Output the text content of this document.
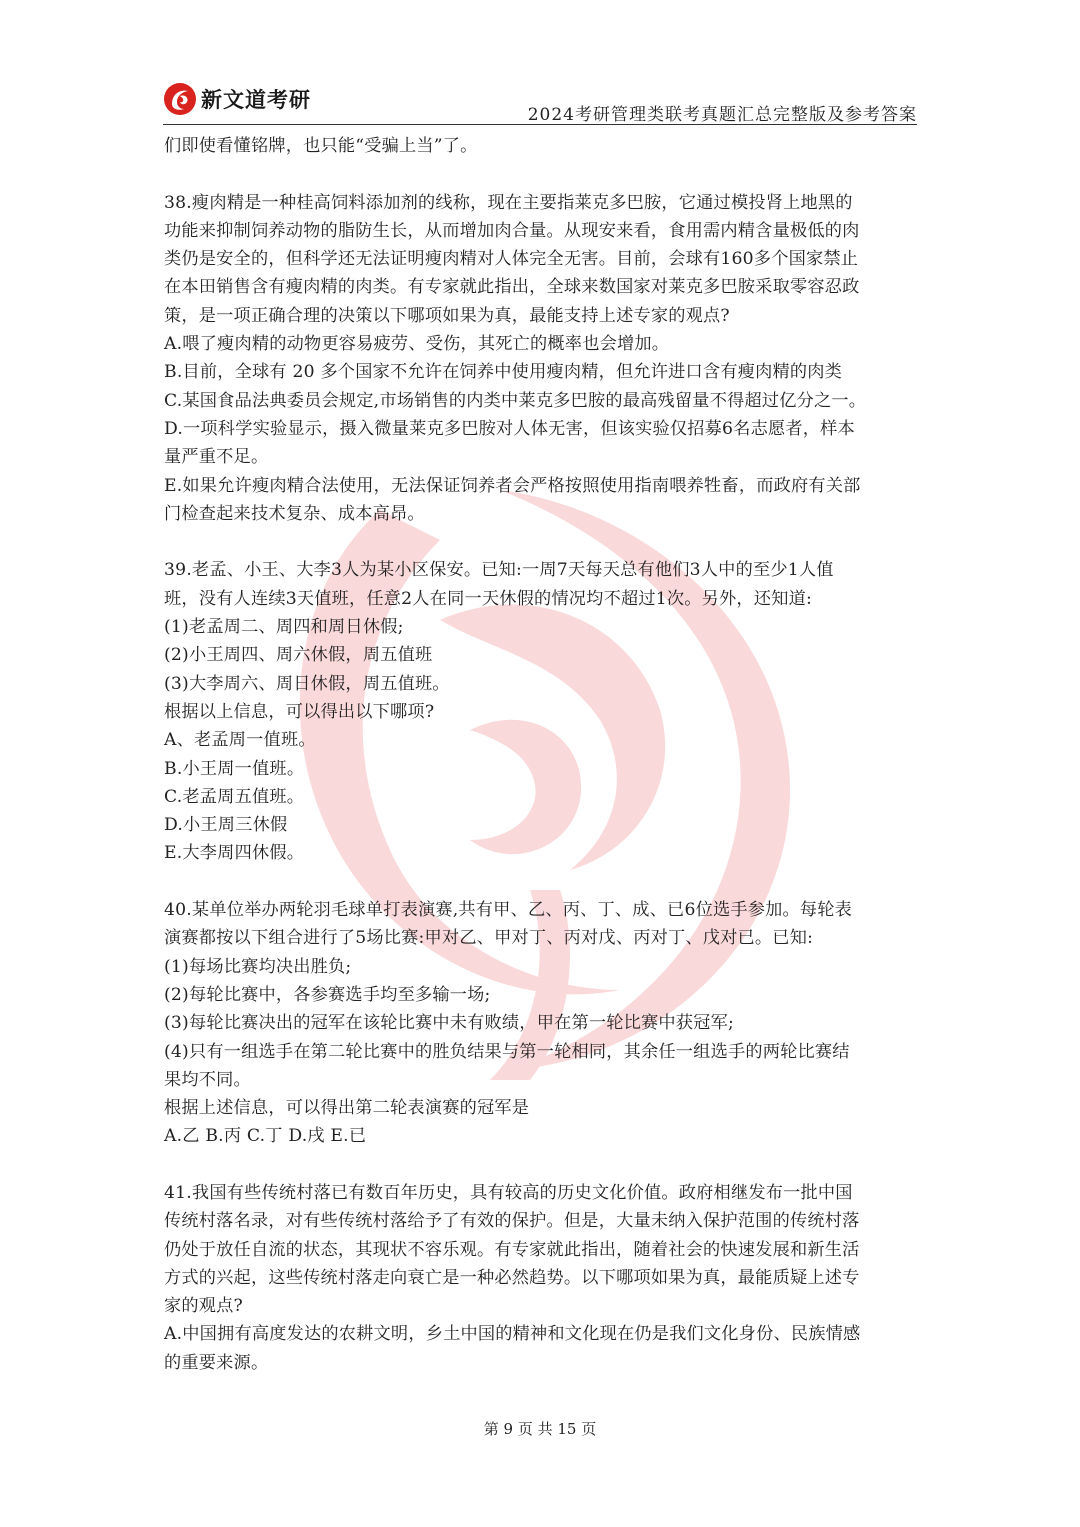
新文道考研
2024考研管理类联考真题汇总完整版及参考答案

们即使看懂铭牌，也只能“受骗上当”了。

38.瘦肉精是一种桂高饲料添加剂的线称，现在主要指莱克多巴胺，它通过模投肾上地黑的

功能来抑制饲养动物的脂防生长，从而增加肉合量。从现安来看，食用需内精含量极低的肉

类仍是安全的，但科学还无法证明瘦肉精对人体完全无害。目前，会球有160多个国家禁止

在本田销售含有瘦肉精的肉类。有专家就此指出，全球来数国家对莱克多巴胺采取零容忍政

策，是一项正确合理的决策以下哪项如果为真，最能支持上述专家的观点?

A.喂了瘦肉精的动物更容易疲劳、受伤，其死亡的概率也会增加。

B.目前，全球有 20 多个国家不允许在饲养中使用瘦肉精，但允许进口含有瘦肉精的肉类

C.某国食品法典委员会规定,市场销售的内类中莱克多巴胺的最高残留量不得超过亿分之一。

D.一项科学实验显示，摄入微量莱克多巴胺对人体无害，但该实验仅招募6名志愿者，样本

量严重不足。

E.如果允许瘦肉精合法使用，无法保证饲养者会严格按照使用指南喂养牲畜，而政府有关部

门检查起来技术复杂、成本高昂。

39.老孟、小王、大李3人为某小区保安。已知:一周7天每天总有他们3人中的至少1人值

班，没有人连续3天值班，任意2人在同一天休假的情况均不超过1次。另外，还知道:

(1)老孟周二、周四和周日休假;

(2)小王周四、周六休假，周五值班

(3)大李周六、周日休假，周五值班。

根据以上信息，可以得出以下哪项?

A、老孟周一值班。

B.小王周一值班。

C.老孟周五值班。

D.小王周三休假

E.大李周四休假。

40.某单位举办两轮羽毛球单打表演赛,共有甲、乙、丙、丁、成、已6位选手参加。每轮表

演赛都按以下组合进行了5场比赛:甲对乙、甲对丁、丙对戊、丙对丁、戊对已。已知:

(1)每场比赛均决出胜负;

(2)每轮比赛中，各参赛选手均至多输一场;

(3)每轮比赛决出的冠军在该轮比赛中未有败绩，甲在第一轮比赛中获冠军;

(4)只有一组选手在第二轮比赛中的胜负结果与第一轮相同，其余任一组选手的两轮比赛结

果均不同。

根据上述信息，可以得出第二轮表演赛的冠军是

A.乙 B.丙 C.丁 D.戌 E.已

41.我国有些传统村落已有数百年历史，具有较高的历史文化价值。政府相继发布一批中国

传统村落名录，对有些传统村落给予了有效的保护。但是，大量未纳入保护范围的传统村落

仍处于放任自流的状态，其现状不容乐观。有专家就此指出，随着社会的快速发展和新生活

方式的兴起，这些传统村落走向衰亡是一种必然趋势。以下哪项如果为真，最能质疑上述专

家的观点?

A.中国拥有高度发达的农耕文明，乡土中国的精神和文化现在仍是我们文化身份、民族情感

的重要来源。

第 9 页 共 15 页
